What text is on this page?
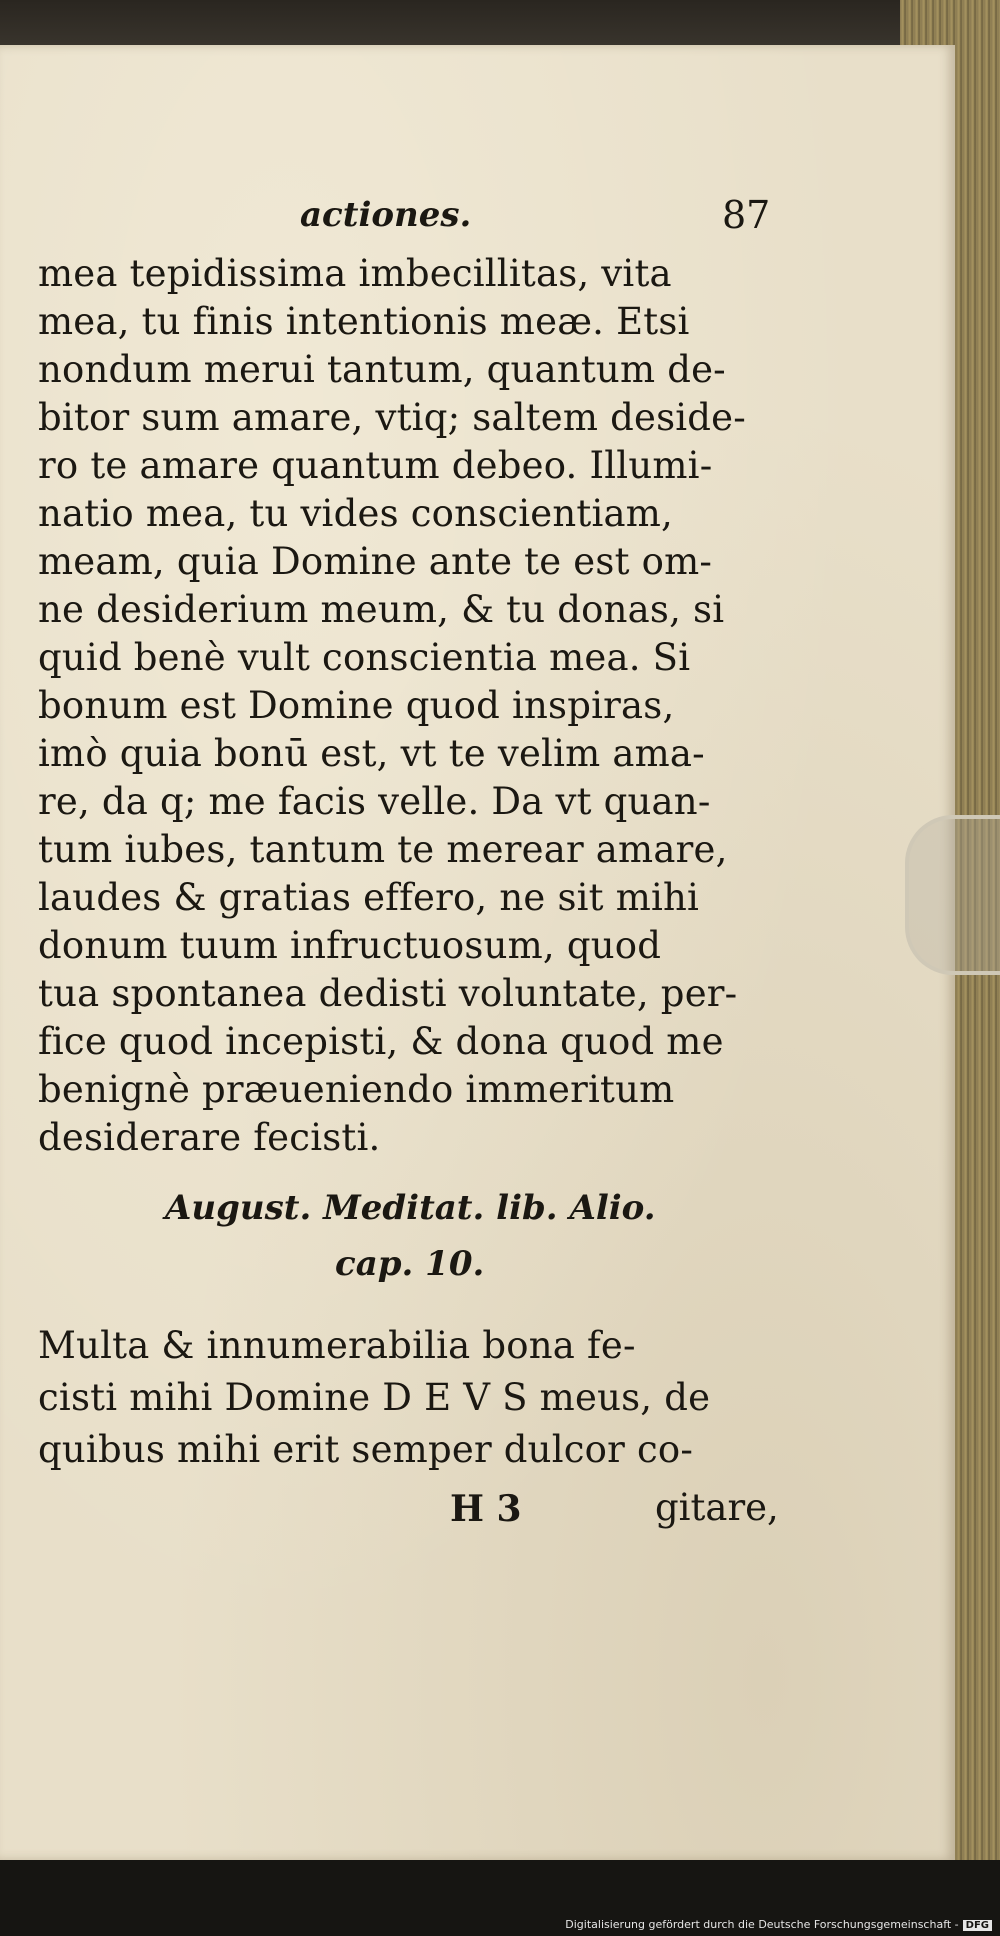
actiones.	87
mea tepidissima imbecillitas, vita
mea, tu finis intentionis meæ. Etsi
nondum merui tantum, quantum de-
bitor sum amare, vtiq; saltem deside-
ro te amare quantum debeo. Illumi-
natio mea, tu vides conscientiam,
meam, quia Domine ante te est om-
ne desiderium meum, & tu donas, si
quid benè vult conscientia mea. Si
bonum est Domine quod inspiras,
imò quia bonū est, vt te velim ama-
re, da q; me facis velle. Da vt quan-
tum iubes, tantum te merear amare,
laudes & gratias effero, ne sit mihi
donum tuum infructuosum, quod
tua spontanea dedisti voluntate, per-
fice quod incepisti, & dona quod me
benignè præueniendo immeritum
desiderare fecisti.
August. Meditat. lib. Alio.
cap. 10.
Multa & innumerabilia bona fe-
cisti mihi Domine D E V S meus, de
quibus mihi erit semper dulcor co-
H 3	gitare,
Digitalisierung gefördert durch die Deutsche Forschungsgemeinschaft - DFG
